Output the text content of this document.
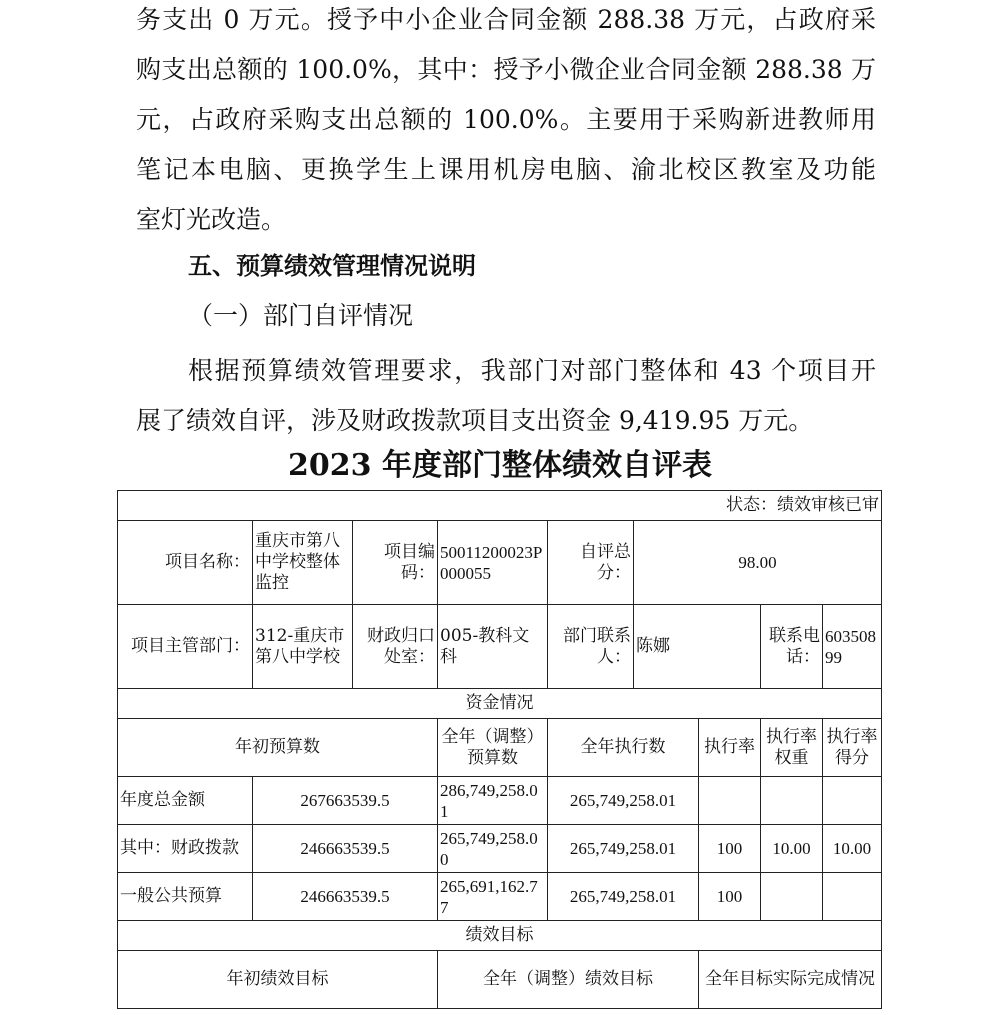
务支出 0 万元。授予中小企业合同金额 288.38 万元，占政府采
购支出总额的 100.0%，其中：授予小微企业合同金额 288.38 万
元，占政府采购支出总额的 100.0%。主要用于采购新进教师用
笔记本电脑、更换学生上课用机房电脑、渝北校区教室及功能
室灯光改造。
五、预算绩效管理情况说明
（一）部门自评情况
根据预算绩效管理要求，我部门对部门整体和 43 个项目开
展了绩效自评，涉及财政拨款项目支出资金 9,419.95 万元。
2023 年度部门整体绩效自评表
状态：绩效审核已审								
项目名称：	重庆市第八中学校整体监控	项目编码：	50011200023P000055	自评总分：	98.00			
项目主管部门：	312-重庆市第八中学校	财政归口处室：	005-教科文科	部门联系人：	陈娜		联系电话：	60350899
资金情况								
年初预算数			全年（调整）预算数	全年执行数		执行率	执行率权重	执行率得分
年度总金额	267663539.5		286,749,258.01	265,749,258.01				
其中：财政拨款	246663539.5		265,749,258.00	265,749,258.01		100	10.00	10.00
一般公共预算	246663539.5		265,691,162.77	265,749,258.01		100		
绩效目标								
年初绩效目标			全年（调整）绩效目标			全年目标实际完成情况		
